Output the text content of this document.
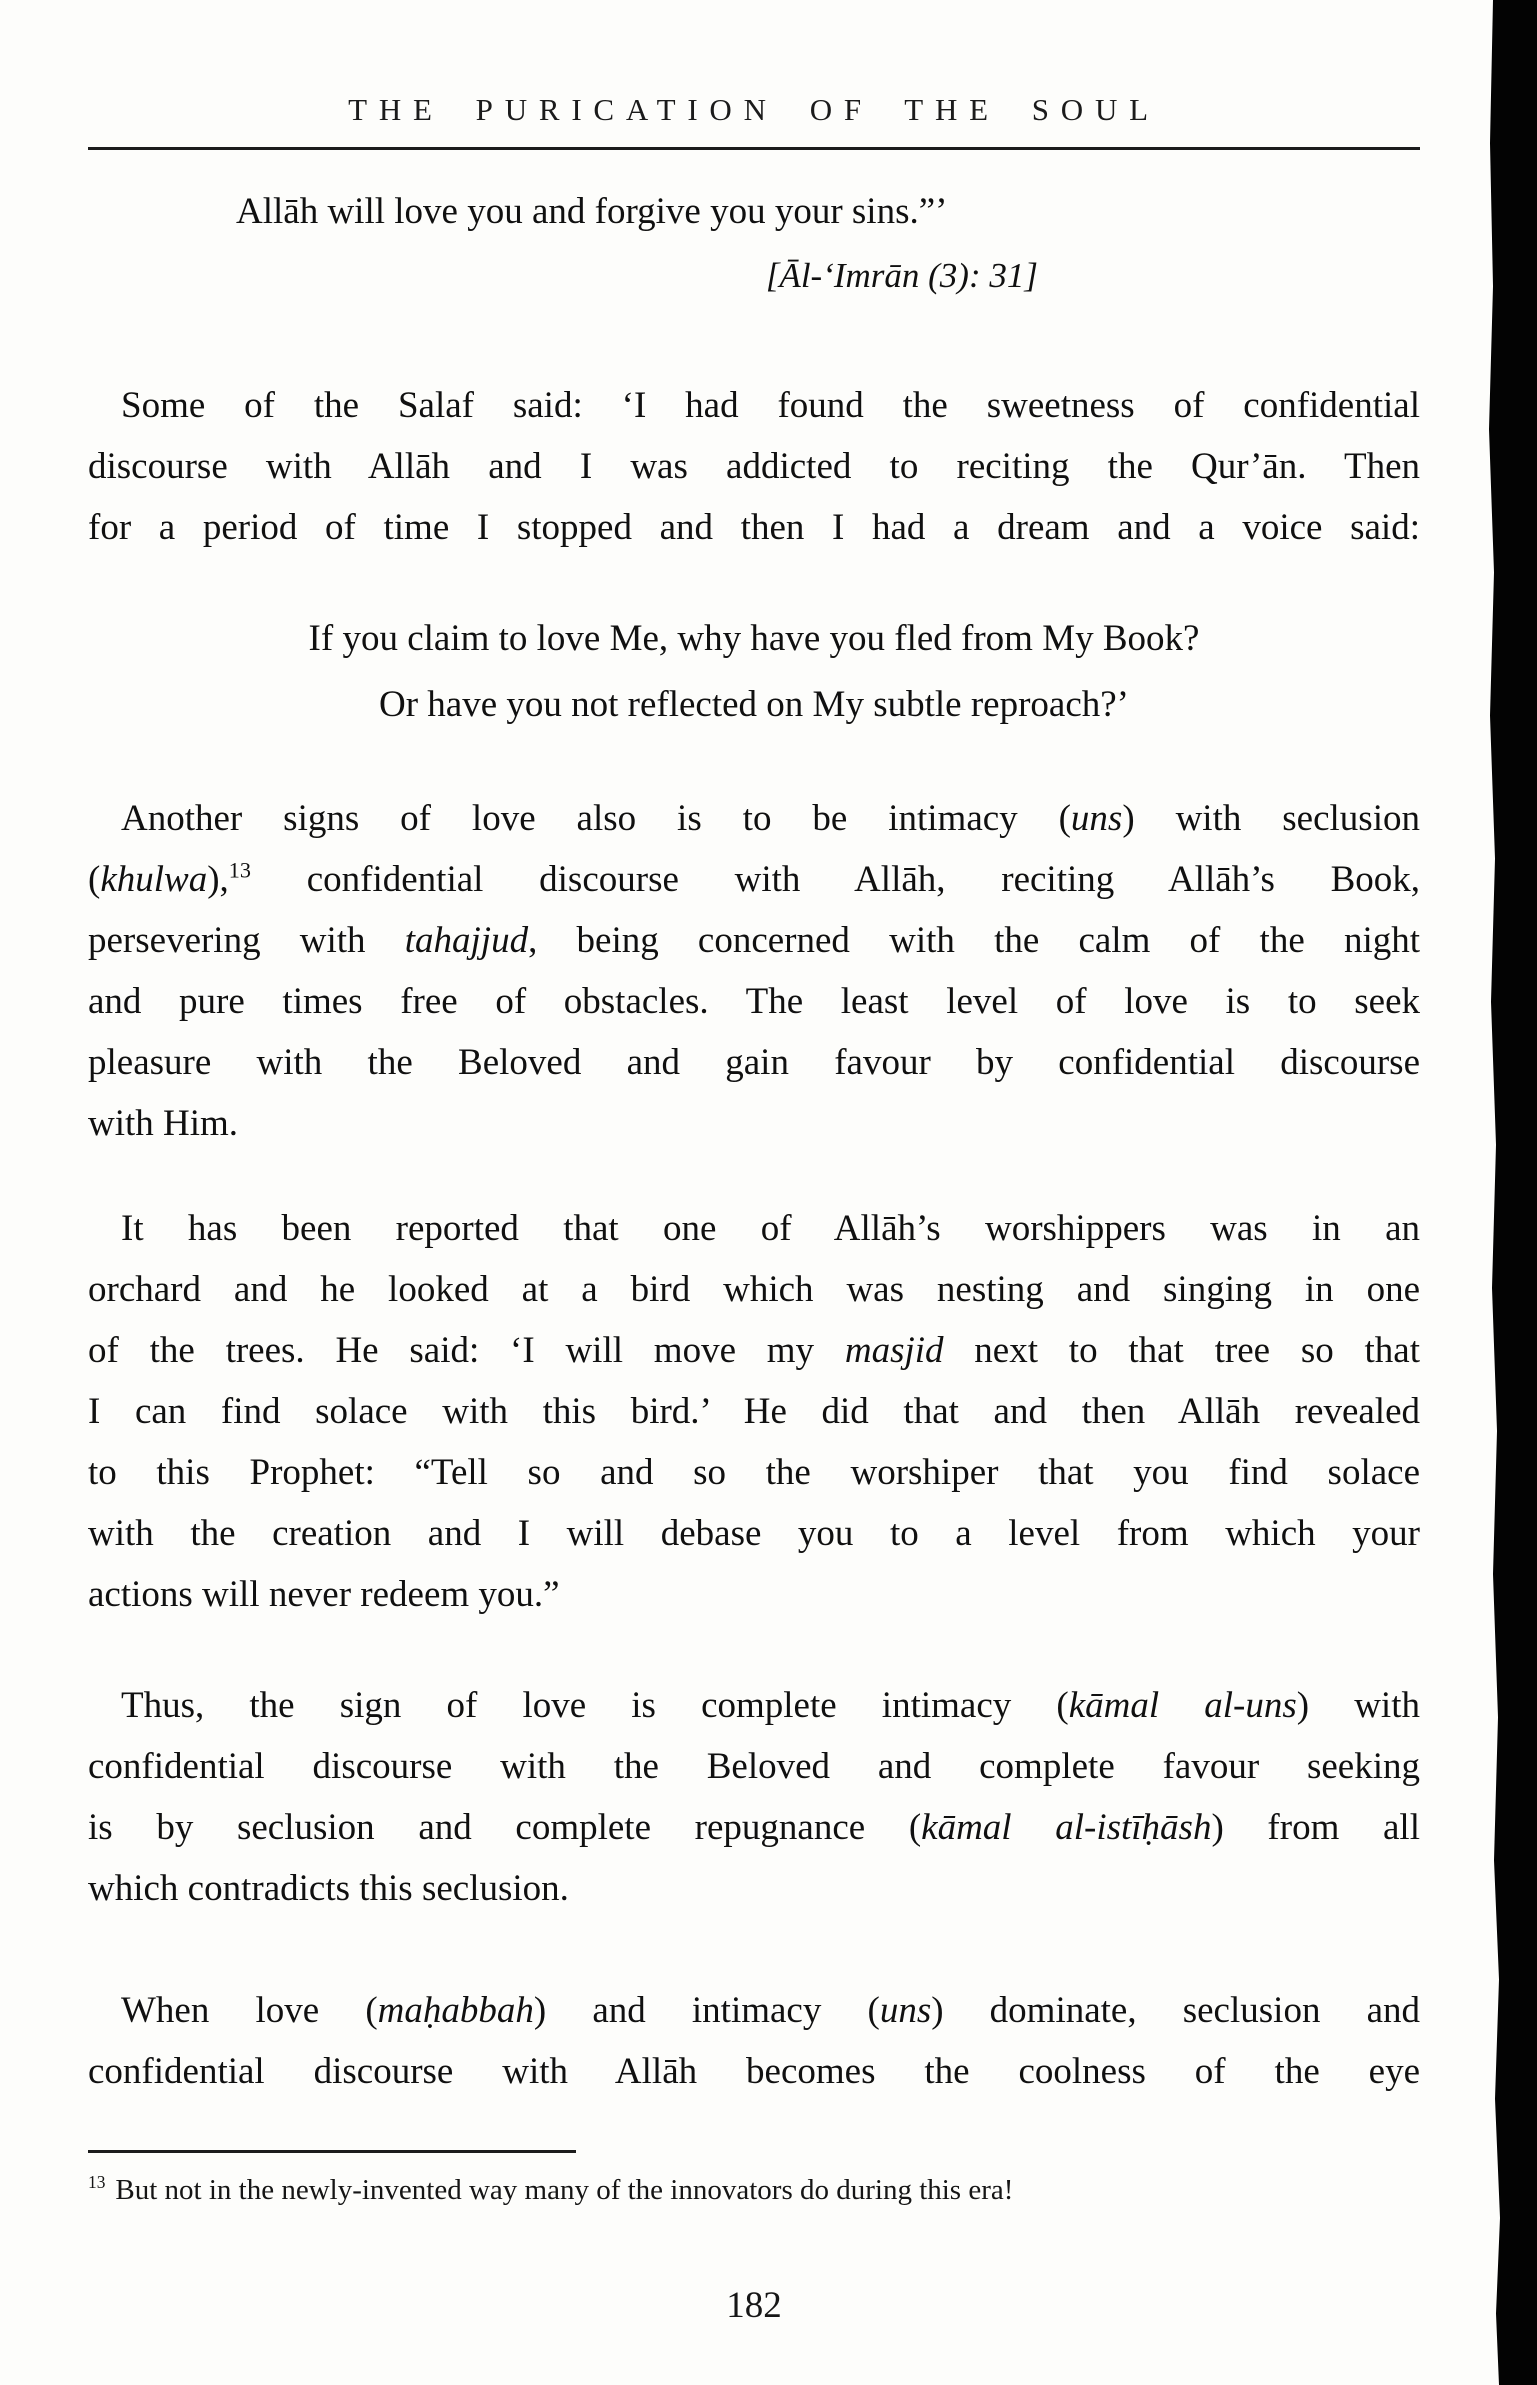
THE PURICATION OF THE SOUL
Allāh will love you and forgive you your sins.”’
[Āl-‘Imrān (3): 31]
Some of the Salaf said: ‘I had found the sweetness of confidential
discourse with Allāh and I was addicted to reciting the Qur’ān. Then
for a period of time I stopped and then I had a dream and a voice said:
If you claim to love Me, why have you fled from My Book?
Or have you not reflected on My subtle reproach?’
Another signs of love also is to be intimacy (uns) with seclusion
(khulwa),$^{13}$ confidential discourse with Allāh, reciting Allāh’s Book,
persevering with tahajjud, being concerned with the calm of the night
and pure times free of obstacles. The least level of love is to seek
pleasure with the Beloved and gain favour by confidential discourse
with Him.
It has been reported that one of Allāh’s worshippers was in an
orchard and he looked at a bird which was nesting and singing in one
of the trees. He said: ‘I will move my masjid next to that tree so that
I can find solace with this bird.’ He did that and then Allāh revealed
to this Prophet: “Tell so and so the worshiper that you find solace
with the creation and I will debase you to a level from which your
actions will never redeem you.”
Thus, the sign of love is complete intimacy (kāmal al-uns) with
confidential discourse with the Beloved and complete favour seeking
is by seclusion and complete repugnance (kāmal al-istīḥāsh) from all
which contradicts this seclusion.
When love (maḥabbah) and intimacy (uns) dominate, seclusion and
confidential discourse with Allāh becomes the coolness of the eye
$^{13}$ But not in the newly-invented way many of the innovators do during this era!
182
